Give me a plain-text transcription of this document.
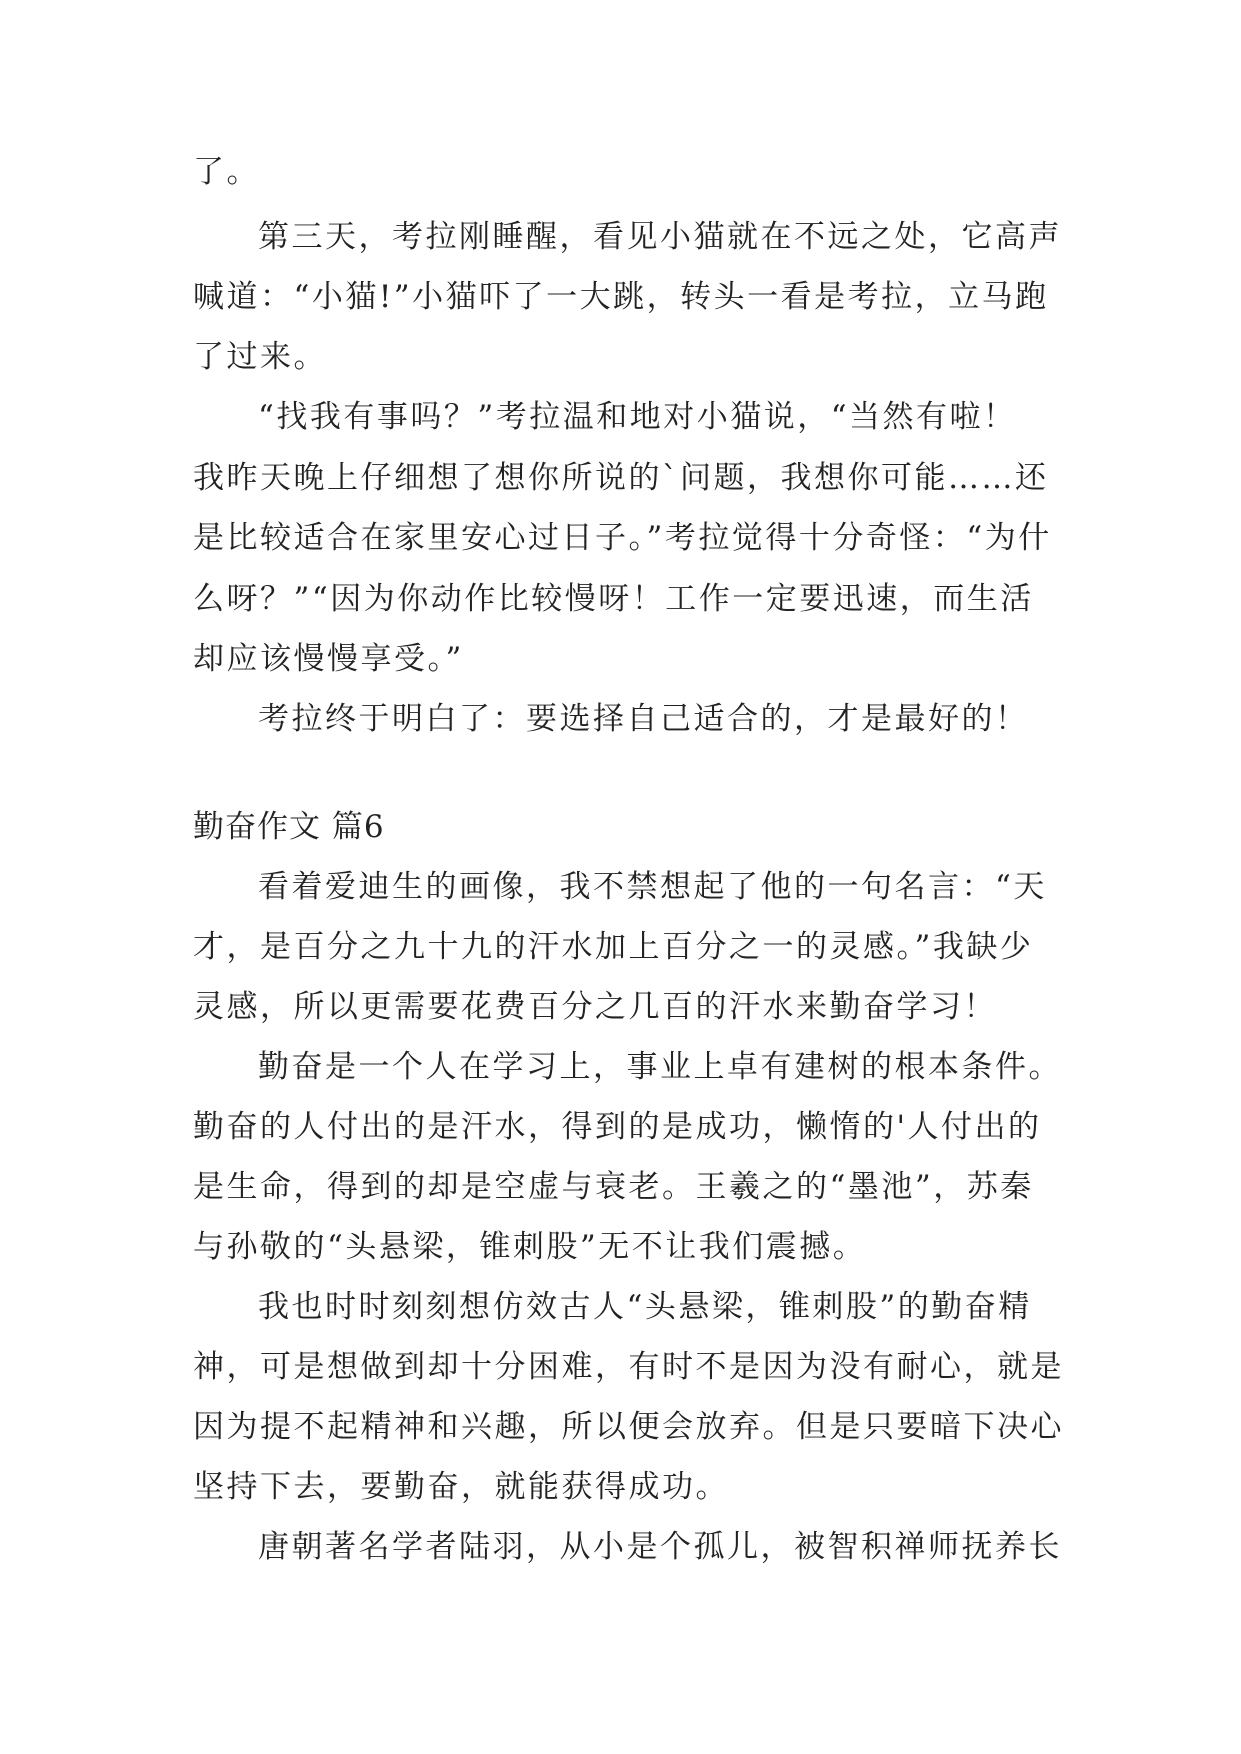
了。
第三天，考拉刚睡醒，看见小猫就在不远之处，它高声
喊道：“小猫!”小猫吓了一大跳，转头一看是考拉，立马跑
了过来。
“找我有事吗？”考拉温和地对小猫说，“当然有啦！
我昨天晚上仔细想了想你所说的`问题，我想你可能……还
是比较适合在家里安心过日子。”考拉觉得十分奇怪：“为什
么呀？”“因为你动作比较慢呀！工作一定要迅速，而生活
却应该慢慢享受。”
考拉终于明白了：要选择自己适合的，才是最好的！
勤奋作文 篇6
看着爱迪生的画像，我不禁想起了他的一句名言：“天
才，是百分之九十九的汗水加上百分之一的灵感。”我缺少
灵感，所以更需要花费百分之几百的汗水来勤奋学习！
勤奋是一个人在学习上，事业上卓有建树的根本条件。
勤奋的人付出的是汗水，得到的是成功，懒惰的'人付出的
是生命，得到的却是空虚与衰老。王羲之的“墨池”，苏秦
与孙敬的“头悬梁，锥刺股”无不让我们震撼。
我也时时刻刻想仿效古人“头悬梁，锥刺股”的勤奋精
神，可是想做到却十分困难，有时不是因为没有耐心，就是
因为提不起精神和兴趣，所以便会放弃。但是只要暗下决心
坚持下去，要勤奋，就能获得成功。
唐朝著名学者陆羽，从小是个孤儿，被智积禅师抚养长
